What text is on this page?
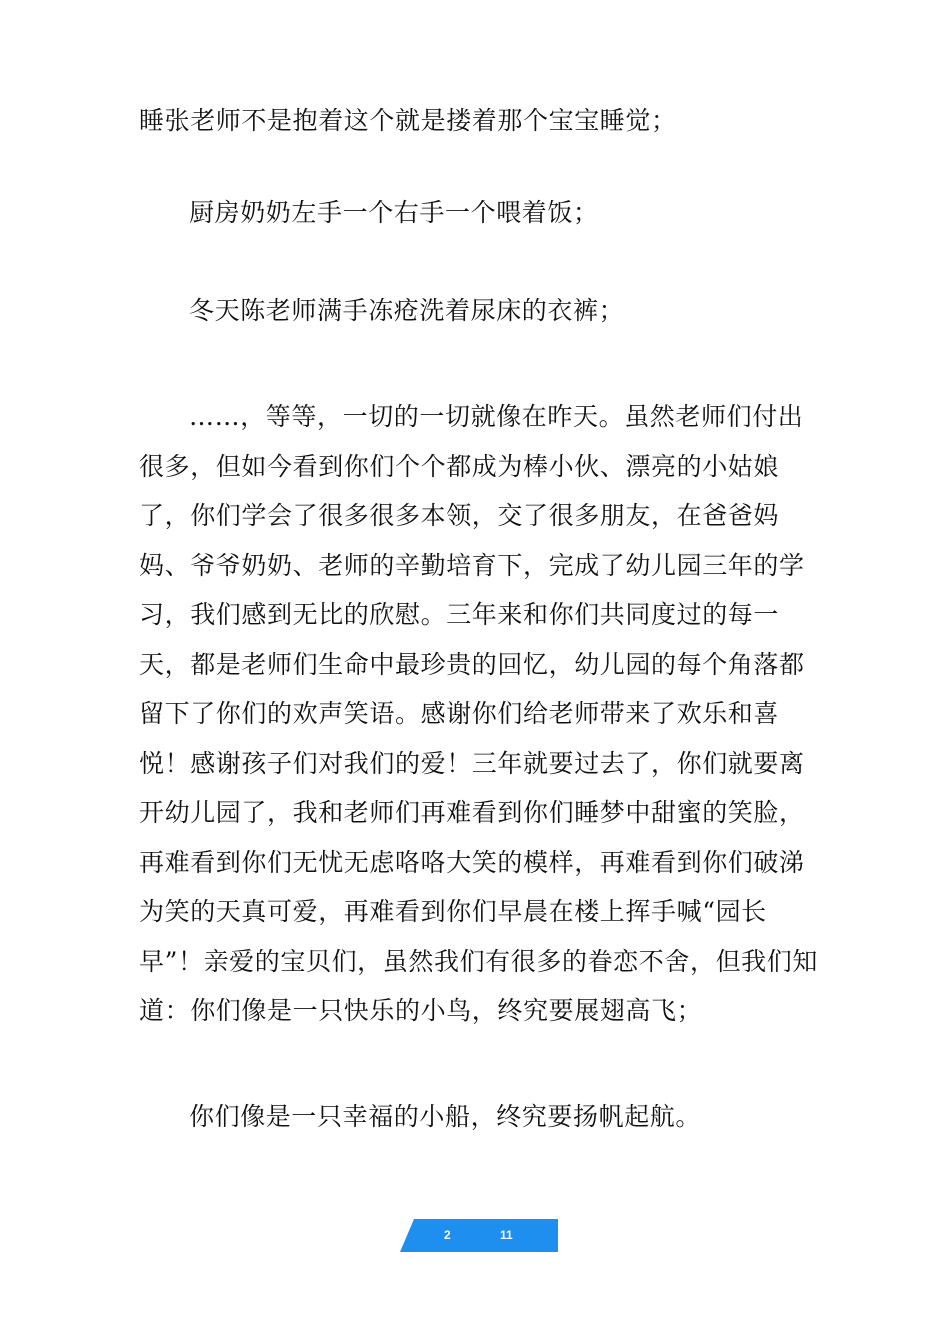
睡张老师不是抱着这个就是搂着那个宝宝睡觉；

厨房奶奶左手一个右手一个喂着饭；

冬天陈老师满手冻疮洗着尿床的衣裤；

……，等等，一切的一切就像在昨天。虽然老师们付出很多，但如今看到你们个个都成为棒小伙、漂亮的小姑娘了，你们学会了很多很多本领，交了很多朋友，在爸爸妈妈、爷爷奶奶、老师的辛勤培育下，完成了幼儿园三年的学习，我们感到无比的欣慰。三年来和你们共同度过的每一天，都是老师们生命中最珍贵的回忆，幼儿园的每个角落都留下了你们的欢声笑语。感谢你们给老师带来了欢乐和喜悦！感谢孩子们对我们的爱！三年就要过去了，你们就要离开幼儿园了，我和老师们再难看到你们睡梦中甜蜜的笑脸，再难看到你们无忧无虑咯咯大笑的模样，再难看到你们破涕为笑的天真可爱，再难看到你们早晨在楼上挥手喊“园长早”！亲爱的宝贝们，虽然我们有很多的眷恋不舍，但我们知道：你们像是一只快乐的小鸟，终究要展翅高飞；

你们像是一只幸福的小船，终究要扬帆起航。

2	11
